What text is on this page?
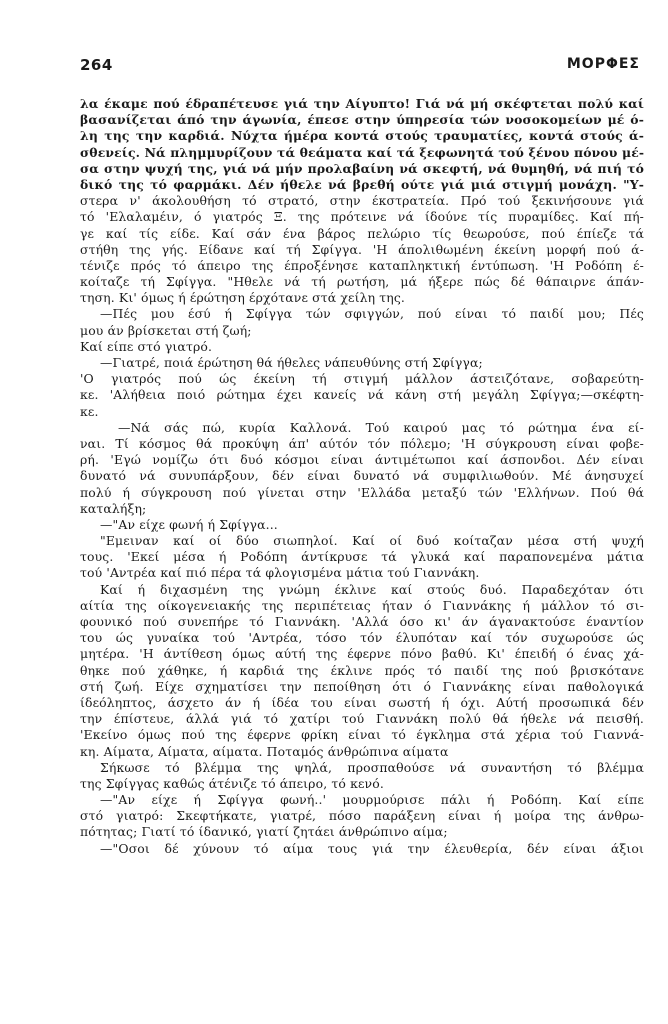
264	ΜΟΡΦΕΣ
λα έκαμε πού έδραπέτευσε γιά την Αίγυπτο! Γιά νά μή σκέφτεται πολύ καί
βασανίζεται άπό την άγωνία, έπεσε στην ύπηρεσία τών νοσοκομείων μέ ό-
λη της την καρδιά. Νύχτα ήμέρα κοντά στούς τραυματίες, κοντά στούς ά-
σθενείς. Νά πλημμυρίζουν τά θεάματα καί τά ξεφωνητά τού ξένου πόνου μέ-
σα στην ψυχή της, γιά νά μήν προλαβαίνη νά σκεφτή, νά θυμηθή, νά πιή τό
δικό της τό φαρμάκι. Δέν ήθελε νά βρεθή ούτε γιά μιά στιγμή μονάχη. "Υ-
στερα ν' άκολουθήση τό στρατό, στην έκστρατεία. Πρό τού ξεκινήσουνε γιά
τό 'Ελαλαμέιν, ό γιατρός Ξ. της πρότεινε νά ίδούνε τίς πυραμίδες. Καί πή-
γε καί τίς είδε. Καί σάν ένα βάρος πελώριο τίς θεωρούσε, πού έπίεζε τά
στήθη της γής. Είδανε καί τή Σφίγγα. 'Η άπολιθωμένη έκείνη μορφή πού ά-
τένιζε πρός τό άπειρο της έπροξένησε καταπληκτική έντύπωση. 'Η Ροδόπη έ-
κοίταζε τή Σφίγγα. "Ηθελε νά τή ρωτήση, μά ήξερε πώς δέ θάπαιρνε άπάν-
τηση. Κι' όμως ή έρώτηση έρχότανε στά χείλη της.
—Πές μου έσύ ή Σφίγγα τών σφιγγών, πού είναι τό παιδί μου; Πές
μου άν βρίσκεται στή ζωή;
Καί είπε στό γιατρό.
—Γιατρέ, ποιά έρώτηση θά ήθελες νάπευθύνης στή Σφίγγα;
'Ο γιατρός πού ώς έκείνη τή στιγμή μάλλον άστειζότανε, σοβαρεύτη-
κε. 'Αλήθεια ποιό ρώτημα έχει κανείς νά κάνη στή μεγάλη Σφίγγα;—σκέφτη-
κε.
—Νά σάς πώ, κυρία Καλλονά. Τού καιρού μας τό ρώτημα ένα εί-
ναι. Τί κόσμος θά προκύψη άπ' αύτόν τόν πόλεμο; 'Η σύγκρουση είναι φοβε-
ρή. 'Εγώ νομίζω ότι δυό κόσμοι είναι άντιμέτωποι καί άσπονδοι. Δέν είναι
δυνατό νά συνυπάρξουν, δέν είναι δυνατό νά συμφιλιωθούν. Μέ άνησυχεί
πολύ ή σύγκρουση πού γίνεται στην 'Ελλάδα μεταξύ τών 'Ελλήνων. Πού θά
καταλήξη;
—"Αν είχε φωνή ή Σφίγγα...
"Εμειναν καί οί δύο σιωπηλοί. Καί οί δυό κοίταζαν μέσα στή ψυχή
τους. 'Εκεί μέσα ή Ροδόπη άντίκρυσε τά γλυκά καί παραπονεμένα μάτια
τού 'Αντρέα καί πιό πέρα τά φλογισμένα μάτια τού Γιαννάκη.
Καί ή διχασμένη της γνώμη έκλινε καί στούς δυό. Παραδεχόταν ότι
αίτία της οίκογενειακής της περιπέτειας ήταν ό Γιαννάκης ή μάλλον τό σι-
φουνικό πού συνεπήρε τό Γιαννάκη. 'Αλλά όσο κι' άν άγανακτούσε έναντίον
του ώς γυναίκα τού 'Αντρέα, τόσο τόν έλυπόταν καί τόν συχωρούσε ώς
μητέρα. 'Η άντίθεση όμως αύτή της έφερνε πόνο βαθύ. Κι' έπειδή ό ένας χά-
θηκε πού χάθηκε, ή καρδιά της έκλινε πρός τό παιδί της πού βρισκότανε
στή ζωή. Είχε σχηματίσει την πεποίθηση ότι ό Γιαννάκης είναι παθολογικά
ίδεόληπτος, άσχετο άν ή ίδέα του είναι σωστή ή όχι. Αύτή προσωπικά δέν
την έπίστευε, άλλά γιά τό χατίρι τού Γιαννάκη πολύ θά ήθελε νά πεισθή.
'Εκείνο όμως πού της έφερνε φρίκη είναι τό έγκλημα στά χέρια τού Γιαννά-
κη. Αίματα, Αίματα, αίματα. Ποταμός άνθρώπινα αίματα
Σήκωσε τό βλέμμα της ψηλά, προσπαθούσε νά συναντήση τό βλέμμα
της Σφίγγας καθώς άτένιζε τό άπειρο, τό κενό.
—"Αν είχε ή Σφίγγα φωνή..' μουρμούρισε πάλι ή Ροδόπη. Καί είπε
στό γιατρό: Σκεφτήκατε, γιατρέ, πόσο παράξενη είναι ή μοίρα της άνθρω-
πότητας; Γιατί τό ίδανικό, γιατί ζητάει άνθρώπινο αίμα;
—"Οσοι δέ χύνουν τό αίμα τους γιά την έλευθερία, δέν είναι άξιοι
